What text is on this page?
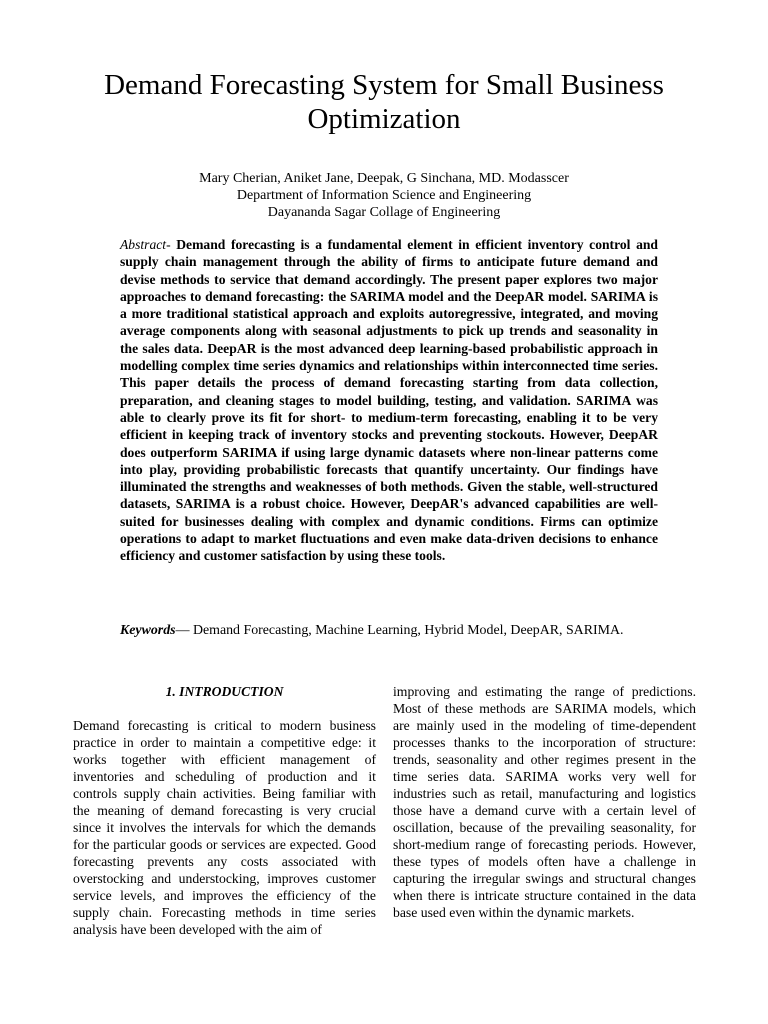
Demand Forecasting System for Small Business Optimization
Mary Cherian, Aniket Jane, Deepak, G Sinchana, MD. Modasscer
Department of Information Science and Engineering
Dayananda Sagar Collage of Engineering

Abstract- Demand forecasting is a fundamental element in efficient inventory control and supply chain management through the ability of firms to anticipate future demand and devise methods to service that demand accordingly. The present paper explores two major approaches to demand forecasting: the SARIMA model and the DeepAR model. SARIMA is a more traditional statistical approach and exploits autoregressive, integrated, and moving average components along with seasonal adjustments to pick up trends and seasonality in the sales data. DeepAR is the most advanced deep learning-based probabilistic approach in modelling complex time series dynamics and relationships within interconnected time series. This paper details the process of demand forecasting starting from data collection, preparation, and cleaning stages to model building, testing, and validation. SARIMA was able to clearly prove its fit for short- to medium-term forecasting, enabling it to be very efficient in keeping track of inventory stocks and preventing stockouts. However, DeepAR does outperform SARIMA if using large dynamic datasets where non-linear patterns come into play, providing probabilistic forecasts that quantify uncertainty. Our findings have illuminated the strengths and weaknesses of both methods. Given the stable, well-structured datasets, SARIMA is a robust choice. However, DeepAR's advanced capabilities are well-suited for businesses dealing with complex and dynamic conditions. Firms can optimize operations to adapt to market fluctuations and even make data-driven decisions to enhance efficiency and customer satisfaction by using these tools.

Keywords— Demand Forecasting, Machine Learning, Hybrid Model, DeepAR, SARIMA.
1. INTRODUCTION

Demand forecasting is critical to modern business practice in order to maintain a competitive edge: it works together with efficient management of inventories and scheduling of production and it controls supply chain activities. Being familiar with the meaning of demand forecasting is very crucial since it involves the intervals for which the demands for the particular goods or services are expected. Good forecasting prevents any costs associated with overstocking and understocking, improves customer service levels, and improves the efficiency of the supply chain. Forecasting methods in time series analysis have been developed with the aim of

improving and estimating the range of predictions. Most of these methods are SARIMA models, which are mainly used in the modeling of time-dependent processes thanks to the incorporation of structure: trends, seasonality and other regimes present in the time series data. SARIMA works very well for industries such as retail, manufacturing and logistics those have a demand curve with a certain level of oscillation, because of the prevailing seasonality, for short-medium range of forecasting periods. However, these types of models often have a challenge in capturing the irregular swings and structural changes when there is intricate structure contained in the data base used even within the dynamic markets.
